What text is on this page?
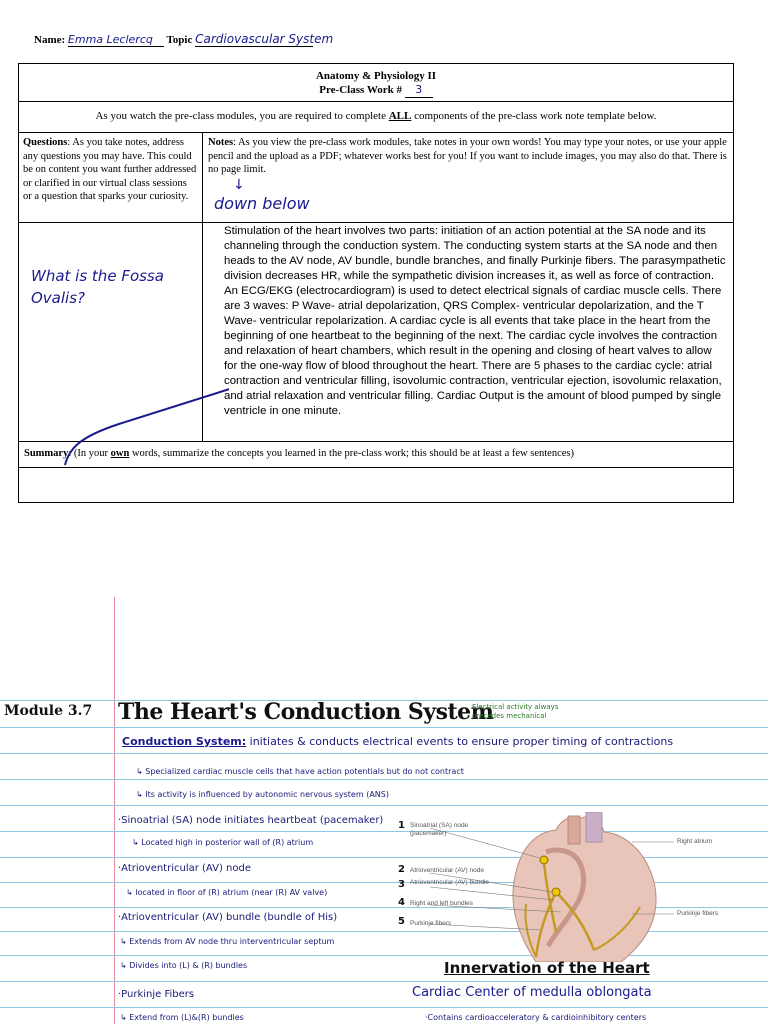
Name: Emma Leclercq Topic Cardiovascular System
Anatomy & Physiology II
Pre-Class Work # 3
As you watch the pre-class modules, you are required to complete ALL components of the pre-class work note template below.
Questions: As you take notes, address any questions you may have. This could be on content you want further addressed or clarified in our virtual class sessions or a question that sparks your curiosity.
Notes: As you view the pre-class work modules, take notes in your own words! You may type your notes, or use your apple pencil and the upload as a PDF; whatever works best for you! If you want to include images, you may also do that. There is no page limit.
What is the Fossa Ovalis?
Stimulation of the heart involves two parts: initiation of an action potential at the SA node and its channeling through the conduction system. The conducting system starts at the SA node and then heads to the AV node, AV bundle, bundle branches, and finally Purkinje fibers. The parasympathetic division decreases HR, while the sympathetic division increases it, as well as force of contraction. An ECG/EKG (electrocardiogram) is used to detect electrical signals of cardiac muscle cells. There are 3 waves: P Wave- atrial depolarization, QRS Complex- ventricular depolarization, and the T Wave- ventricular repolarization. A cardiac cycle is all events that take place in the heart from the beginning of one heartbeat to the beginning of the next. The cardiac cycle involves the contraction and relaxation of heart chambers, which result in the opening and closing of heart valves to allow for the one-way flow of blood throughout the heart. There are 5 phases to the cardiac cycle: atrial contraction and ventricular filling, isovolumic contraction, ventricular ejection, isovolumic relaxation, and atrial relaxation and ventricular filling. Cardiac Output is the amount of blood pumped by single ventricle in one minute.
Summary: (In your own words, summarize the concepts you learned in the pre-class work; this should be at least a few sentences)
↓
down below
Module 3.7 The Heart's Conduction System
Electrical activity always precedes mechanical
Conduction System: initiates & conducts electrical events to ensure proper timing of contractions
↳ Specialized cardiac muscle cells that have action potentials but do not contract
↳ Its activity is influenced by autonomic nervous system (ANS)
·Sinoatrial (SA) node initiates heartbeat (pacemaker)
↳ Located high in posterior wall of (R) atrium
·Atrioventricular (AV) node
↳ located in floor of (R) atrium (near (R) AV valve)
·Atrioventricular (AV) bundle (bundle of His)
↳ Extends from AV node thru interventricular septum
↳ Divides into (L) & (R) bundles
·Purkinje Fibers
↳ Extend from (L)&(R) bundles
1 Sinoatrial (SA) node (pacemaker)
2 Atrioventricular (AV) node
3 Atrioventricular (AV) bundle
4 Right and left bundles
5 Purkinje fibers
Right atrium
Purkinje fibers
Innervation of the Heart
Cardiac Center of medulla oblongata
·Contains cardioacceleratory & cardioinhibitory centers
